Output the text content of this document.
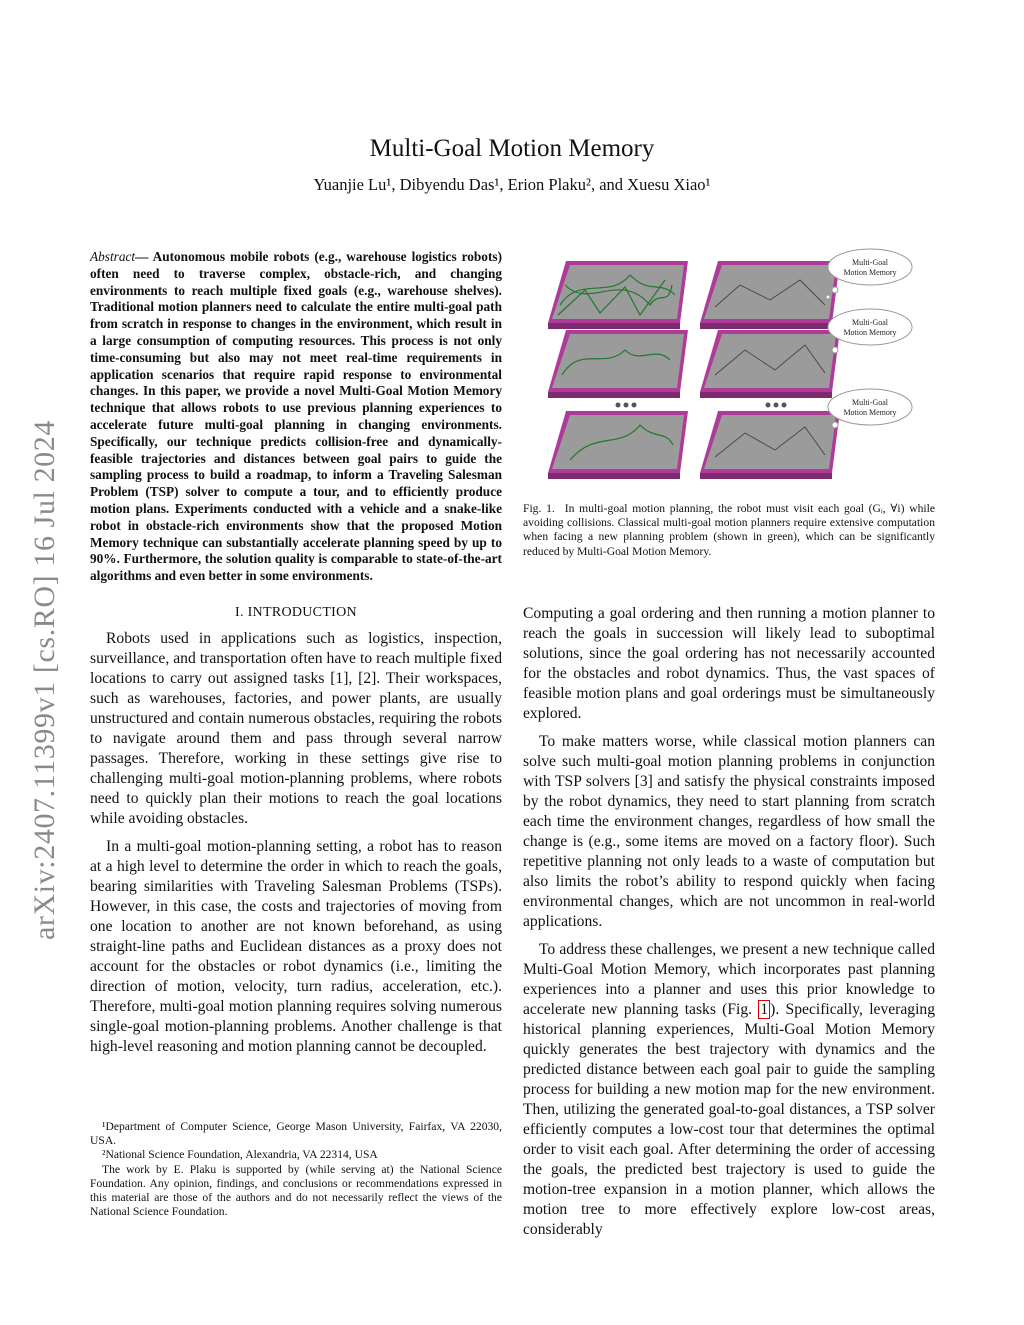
arXiv:2407.11399v1 [cs.RO] 16 Jul 2024
Multi-Goal Motion Memory
Yuanjie Lu¹, Dibyendu Das¹, Erion Plaku², and Xuesu Xiao¹

Abstract— Autonomous mobile robots (e.g., warehouse logistics robots) often need to traverse complex, obstacle-rich, and changing environments to reach multiple fixed goals (e.g., warehouse shelves). Traditional motion planners need to calculate the entire multi-goal path from scratch in response to changes in the environment, which result in a large consumption of computing resources. This process is not only time-consuming but also may not meet real-time requirements in application scenarios that require rapid response to environmental changes. In this paper, we provide a novel Multi-Goal Motion Memory technique that allows robots to use previous planning experiences to accelerate future multi-goal planning in changing environments. Specifically, our technique predicts collision-free and dynamically-feasible trajectories and distances between goal pairs to guide the sampling process to build a roadmap, to inform a Traveling Salesman Problem (TSP) solver to compute a tour, and to efficiently produce motion plans. Experiments conducted with a vehicle and a snake-like robot in obstacle-rich environments show that the proposed Motion Memory technique can substantially accelerate planning speed by up to 90%. Furthermore, the solution quality is comparable to state-of-the-art algorithms and even better in some environments.

I. INTRODUCTION

Robots used in applications such as logistics, inspection, surveillance, and transportation often have to reach multiple fixed locations to carry out assigned tasks [1], [2]. Their workspaces, such as warehouses, factories, and power plants, are usually unstructured and contain numerous obstacles, requiring the robots to navigate around them and pass through several narrow passages. Therefore, working in these settings give rise to challenging multi-goal motion-planning problems, where robots need to quickly plan their motions to reach the goal locations while avoiding obstacles.

In a multi-goal motion-planning setting, a robot has to reason at a high level to determine the order in which to reach the goals, bearing similarities with Traveling Salesman Problems (TSPs). However, in this case, the costs and trajectories of moving from one location to another are not known beforehand, as using straight-line paths and Euclidean distances as a proxy does not account for the obstacles or robot dynamics (i.e., limiting the direction of motion, velocity, turn radius, acceleration, etc.). Therefore, multi-goal motion planning requires solving numerous single-goal motion-planning problems. Another challenge is that high-level reasoning and motion planning cannot be decoupled.

¹Department of Computer Science, George Mason University, Fairfax, VA 22030, USA.

²National Science Foundation, Alexandria, VA 22314, USA

The work by E. Plaku is supported by (while serving at) the National Science Foundation. Any opinion, findings, and conclusions or recommendations expressed in this material are those of the authors and do not necessarily reflect the views of the National Science Foundation.

Multi-Goal
Motion Memory
Multi-Goal
Motion Memory
Multi-Goal
Motion Memory
Fig. 1. In multi-goal motion planning, the robot must visit each goal (Gᵢ, ∀i) while avoiding collisions. Classical multi-goal motion planners require extensive computation when facing a new planning problem (shown in green), which can be significantly reduced by Multi-Goal Motion Memory.

Computing a goal ordering and then running a motion planner to reach the goals in succession will likely lead to suboptimal solutions, since the goal ordering has not necessarily accounted for the obstacles and robot dynamics. Thus, the vast spaces of feasible motion plans and goal orderings must be simultaneously explored.

To make matters worse, while classical motion planners can solve such multi-goal motion planning problems in conjunction with TSP solvers [3] and satisfy the physical constraints imposed by the robot dynamics, they need to start planning from scratch each time the environment changes, regardless of how small the change is (e.g., some items are moved on a factory floor). Such repetitive planning not only leads to a waste of computation but also limits the robot’s ability to respond quickly when facing environmental changes, which are not uncommon in real-world applications.

To address these challenges, we present a new technique called Multi-Goal Motion Memory, which incorporates past planning experiences into a planner and uses this prior knowledge to accelerate new planning tasks (Fig. 1 ). Specifically, leveraging historical planning experiences, Multi-Goal Motion Memory quickly generates the best trajectory with dynamics and the predicted distance between each goal pair to guide the sampling process for building a new motion map for the new environment. Then, utilizing the generated goal-to-goal distances, a TSP solver efficiently computes a low-cost tour that determines the optimal order to visit each goal. After determining the order of accessing the goals, the predicted best trajectory is used to guide the motion-tree expansion in a motion planner, which allows the motion tree to more effectively explore low-cost areas, considerably
